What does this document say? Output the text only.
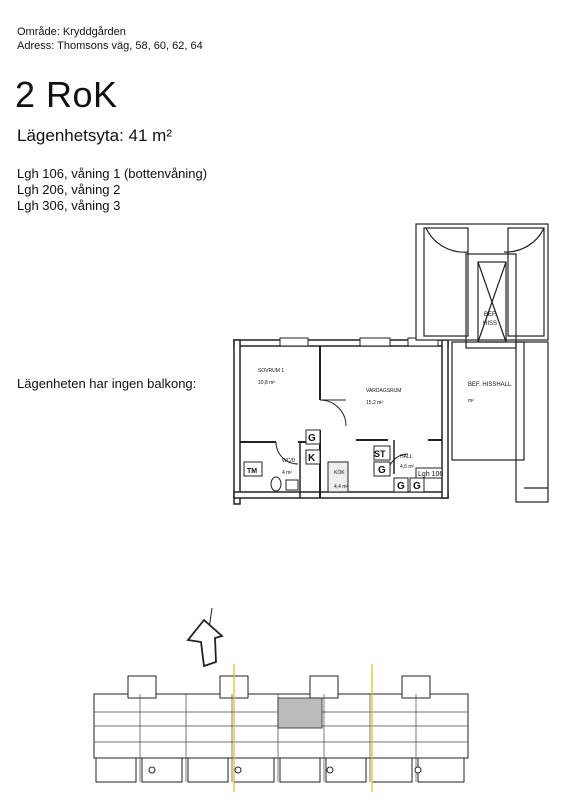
Område: Kryddgården
Adress: Thomsons väg, 58, 60, 62, 64
2 RoK
Lägenhetsyta: 41 m²
Lgh 106, våning 1 (bottenvåning)
Lgh 206, våning 2
Lgh 306, våning 3
Lägenheten har ingen balkong:
SOVRUM 1
10,8 m²
VARDAGSRUM
15,2 m²
WC/D
4 m²	KÖK
4,4 m²
HALL
4,6 m²
BEF. HISSHALL
m²
BEF.
HISS
G
K	ST
G
G G
TM	Lgh 106
